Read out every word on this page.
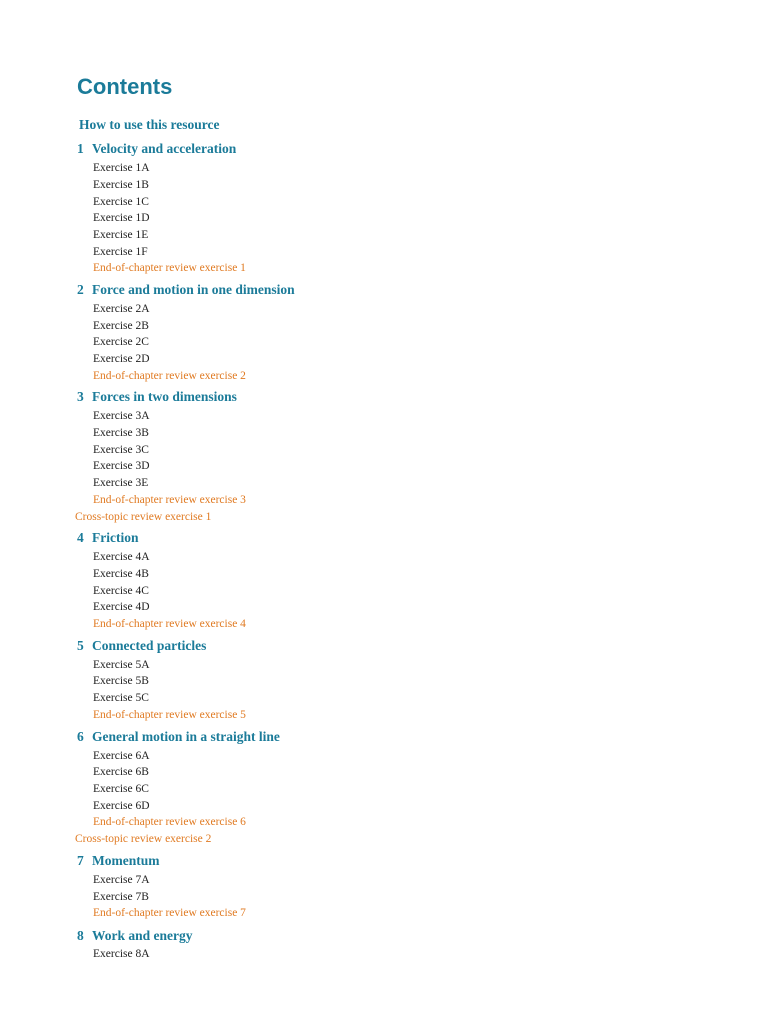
Contents
How to use this resource
1 Velocity and acceleration
Exercise 1A
Exercise 1B
Exercise 1C
Exercise 1D
Exercise 1E
Exercise 1F
End-of-chapter review exercise 1
2 Force and motion in one dimension
Exercise 2A
Exercise 2B
Exercise 2C
Exercise 2D
End-of-chapter review exercise 2
3 Forces in two dimensions
Exercise 3A
Exercise 3B
Exercise 3C
Exercise 3D
Exercise 3E
End-of-chapter review exercise 3
Cross-topic review exercise 1
4 Friction
Exercise 4A
Exercise 4B
Exercise 4C
Exercise 4D
End-of-chapter review exercise 4
5 Connected particles
Exercise 5A
Exercise 5B
Exercise 5C
End-of-chapter review exercise 5
6 General motion in a straight line
Exercise 6A
Exercise 6B
Exercise 6C
Exercise 6D
End-of-chapter review exercise 6
Cross-topic review exercise 2
7 Momentum
Exercise 7A
Exercise 7B
End-of-chapter review exercise 7
8 Work and energy
Exercise 8A
